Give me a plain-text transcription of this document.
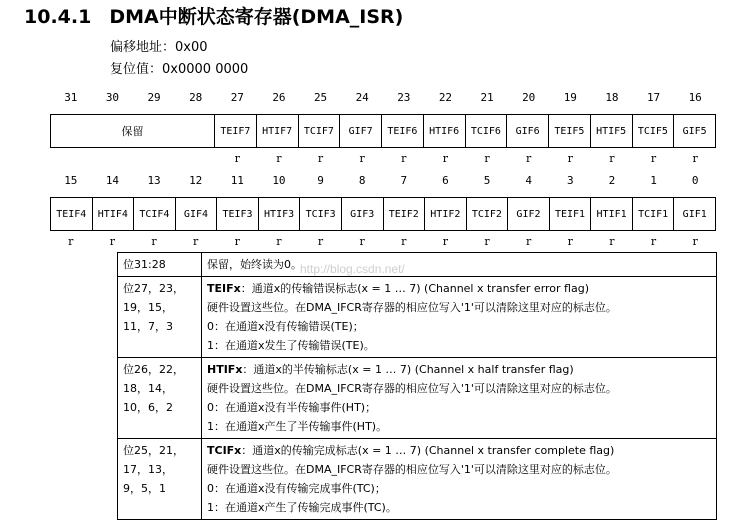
10.4.1 DMA中断状态寄存器(DMA_ISR)
偏移地址：0x00
复位值：0x0000 0000
31	30	29	28	27	26	25	24	23	22	21	20	19	18	17	16
保留	TEIF7	HTIF7	TCIF7	GIF7	TEIF6	HTIF6	TCIF6	GIF6	TEIF5	HTIF5	TCIF5	GIF5
r	r	r	r	r	r	r	r	r	r	r	r
15	14	13	12	11	10	9	8	7	6	5	4	3	2	1	0
TEIF4	HTIF4	TCIF4	GIF4	TEIF3	HTIF3	TCIF3	GIF3	TEIF2	HTIF2	TCIF2	GIF2	TEIF1	HTIF1	TCIF1	GIF1
r	r	r	r	r	r	r	r	r	r	r	r	r	r	r	r
位31:28	保留，始终读为0。

位27，23，
19，15，
11，7，3	TEIFx：通道x的传输错误标志(x = 1 … 7) (Channel x transfer error flag)
硬件设置这些位。在DMA_IFCR寄存器的相应位写入'1'可以清除这里对应的标志位。
0：在通道x没有传输错误(TE)；
1：在通道x发生了传输错误(TE)。

位26，22，
18，14，
10，6，2	HTIFx：通道x的半传输标志(x = 1 … 7) (Channel x half transfer flag)
硬件设置这些位。在DMA_IFCR寄存器的相应位写入'1'可以清除这里对应的标志位。
0：在通道x没有半传输事件(HT)；
1：在通道x产生了半传输事件(HT)。

位25，21，
17，13，
9，5，1	TCIFx：通道x的传输完成标志(x = 1 … 7) (Channel x transfer complete flag)
硬件设置这些位。在DMA_IFCR寄存器的相应位写入'1'可以清除这里对应的标志位。
0：在通道x没有传输完成事件(TC)；
1：在通道x产生了传输完成事件(TC)。
http://blog.csdn.net/
